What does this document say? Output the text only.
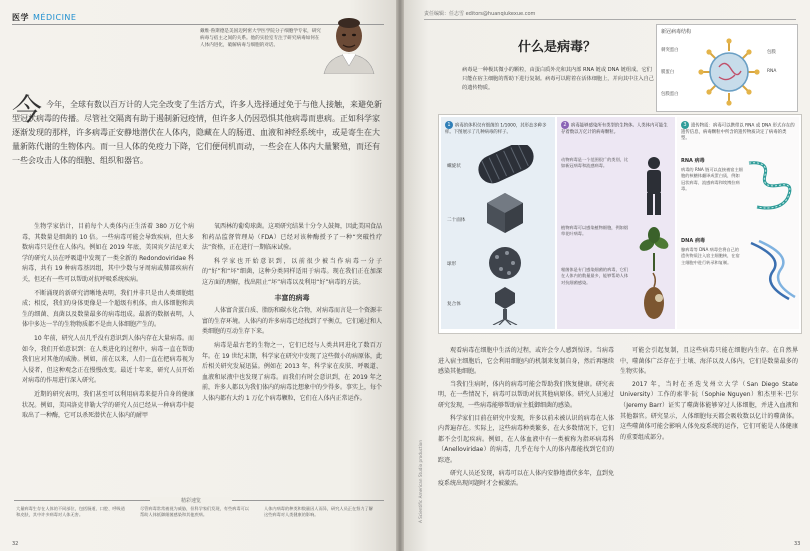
医学 MÉDICINE
戴维·鲁斯德是美国迈阿密大学医学院分子细胞学专家，研究病毒与宿主之间的关系。他的实验室专注于研究病毒如何在人体内进化，破解病毒与细胞的对话。
今 今年，全球有数以百万计的人完全改变了生活方式，许多人选择通过免于与他人接触，来避免新型冠状病毒的传播。尽管社交隔离有助于遏制新冠疫情，但许多人仍因恐惧其他病毒而患病。正如科学家逐渐发现的那样，许多病毒正安静地潜伏在人体内，隐藏在人的肠道、血液和神经系统中，或是寄生在大量新陈代谢的生物体内。而一旦人体的免疫力下降，它们便伺机而动，一些会在人体内大量繁殖，而还有一些会攻击人体的细胞、组织和器官。

生物学家估计，目前每个人类体内正生活着 380 万亿个病毒，其数量是细菌的 10 倍。一些病毒可能会导致疾病，但大多数病毒只是住在人体内。例如在 2019 年底，美国宾夕法尼亚大学的研究人员在呼吸道中发现了一类全新的 Redondoviridae 科病毒，共有 19 种病毒基因组，其中少数与牙周病或肺部疾病有关，但还有一些可以帮助对抗呼吸系统疾病。

不断涌现的新研究清晰地表明，我们并非只是由人类细胞组成；相反，我们的身体更像是一个超级有机体，由人体细胞和共生的细菌、真菌以及数量最多的病毒组成。最新的数据表明，人体中多达一半的生物物质都不是由人体细胞产生的。

10 年前，研究人员几乎没有意识到人体内存在大量病毒。而如今，我们开始意识到：在人类进化的过程中，病毒一直在帮助我们应对其他的威胁。例如，前在以来，人们一直在把病毒视为入侵者，但这种观念正在慢慢改变。最近十年来，研究人员开始对病毒的作用进行深入研究。

近期的研究表明，我们甚至可以利用病毒来提升自身的健康状况。例如，美国洛克菲勒大学的研究人员已经从一种病毒中提取出了一种酶，它可以杀死潜伏在人体内的耐甲

氧西林的葡萄球菌。这项研究结果十分令人鼓舞，因此美国食品和药品监督管理局（FDA）已经对该种酶授予了一种“突破性疗法”资格，正在进行一期临床试验。

科学家也开始意识到，以前很少被当作病毒一分子的“好”和“坏”细菌，这种分类同样适用于病毒。现在我们正在加深这方面的理解，找出阻止“坏”病毒以及利用“好”病毒的方法。

丰富的病毒

人体富含蛋白质、脂肪和碳水化合物，对病毒而言是一个资源丰富的生存环境。人体内的许多病毒已经找到了平衡点，它们通过和人类细胞的互动生存下来。

病毒是最古老的生物之一，它们已经与人类共同进化了数百万年。在 19 世纪末期，科学家在研究中发现了这些微小的病原体，此后相关研究发展迅猛。例如在 2013 年，科学家在皮肤、呼吸道、血液和尿液中也发现了病毒。而我们有时会意识到，在 2019 年之前，许多人都以为我们体内的病毒比想象中的少得多。事实上，每个人体内都有大约 1 万亿个病毒颗粒，它们在人体内正常运作。

精彩速览
大量病毒生存在人体的不同部位，包括肠道、口腔、呼吸道和皮肤，其中许多病毒对人体无害。
尽管病毒常常被视为威胁，但科学家们发现，有些病毒可以帮助人体抵御细菌感染和其他疾病。
人体内病毒的种类和数量因人而异，研究人员正在努力了解这些病毒对人类健康的影响。
32
责任编辑：任志雪 editors@huanqiukexue.com
什么是病毒？
病毒是一种极其微小的颗粒，由蛋白质外壳和其内部 RNA 链或 DNA 链组成。它们只能在宿主细胞的帮助下进行复制。病毒可以附着在活体细胞上，并向其中注入自己的遗传物质。
新冠病毒结构
刺突蛋白
膜蛋白
包膜
RNA
包膜蛋白
1 病毒的体积仅有细菌的 1/1000，其形态多种多样。下图展示了几种病毒的样子。
螺旋状
二十面体
球形
复合体
2 病毒能够感染所有类型的生物体。人类体内可能生存着数以万亿计的病毒颗粒。
动物病毒是一个范围很广的类别，比如新冠病毒和流感病毒。
植物病毒可以感染植物细胞，例如烟草花叶病毒。
噬菌体是专门感染细菌的病毒，它们在人体内的数量最多，能够帮助人体对抗细菌感染。
3 遗传物质：病毒可以携带以 RNA 或 DNA 形式存在的遗传信息，病毒颗粒中所含的遗传物质决定了病毒的类型。
RNA 病毒
病毒的 RNA 链可以直接被宿主细胞的核糖体翻译成蛋白质，例如冠状病毒、流感病毒和埃博拉病毒。
DNA 病毒
腺病毒等 DNA 病毒会将自己的遗传物质注入宿主细胞核，在宿主细胞中进行转录和复制。

观看病毒在细胞中生活的过程，或许会令人感到惊讶。当病毒进入宿主细胞后，它会利用细胞内的机制来复制自身，然后再继续感染其他细胞。

当我们生病时，体内的病毒可能会帮助我们恢复健康。研究表明，在一些情况下，病毒可以帮助对抗其他病原体。研究人员通过研究发现，一些病毒能够帮助宿主抵御细菌的感染。

科学家们目前在研究中发现，许多以前未被认识的病毒在人体内普遍存在。实际上，这些病毒种类繁多，在大多数情况下，它们都不会引起疾病。例如，在人体血液中有一类被称为指环病毒科（Anelloviridae）的病毒，几乎在每个人的体内都能找到它们的踪迹。

研究人员还发现，病毒可以在人体内安静地潜伏多年，直到免疫系统出现问题时才会被激活。

可能会引起复制，且这些病毒只能在细胞内生存。在自然界中，噬菌体广泛存在于土壤、海洋以及人体内，它们是数量最多的生物实体。

2017 年，当时在圣迭戈州立大学（San Diego State University）工作的索菲·阮（Sophie Nguyen）和杰里米·巴尔（Jeremy Barr）证实了噬菌体能够穿过人体细胞，并进入血液和其他器官。研究显示，人体细胞每天都会吸收数以亿计的噬菌体。这些噬菌体可能会影响人体免疫系统的运作，它们可能是人体健康的重要组成部分。

A Scientific American Studio production
33
